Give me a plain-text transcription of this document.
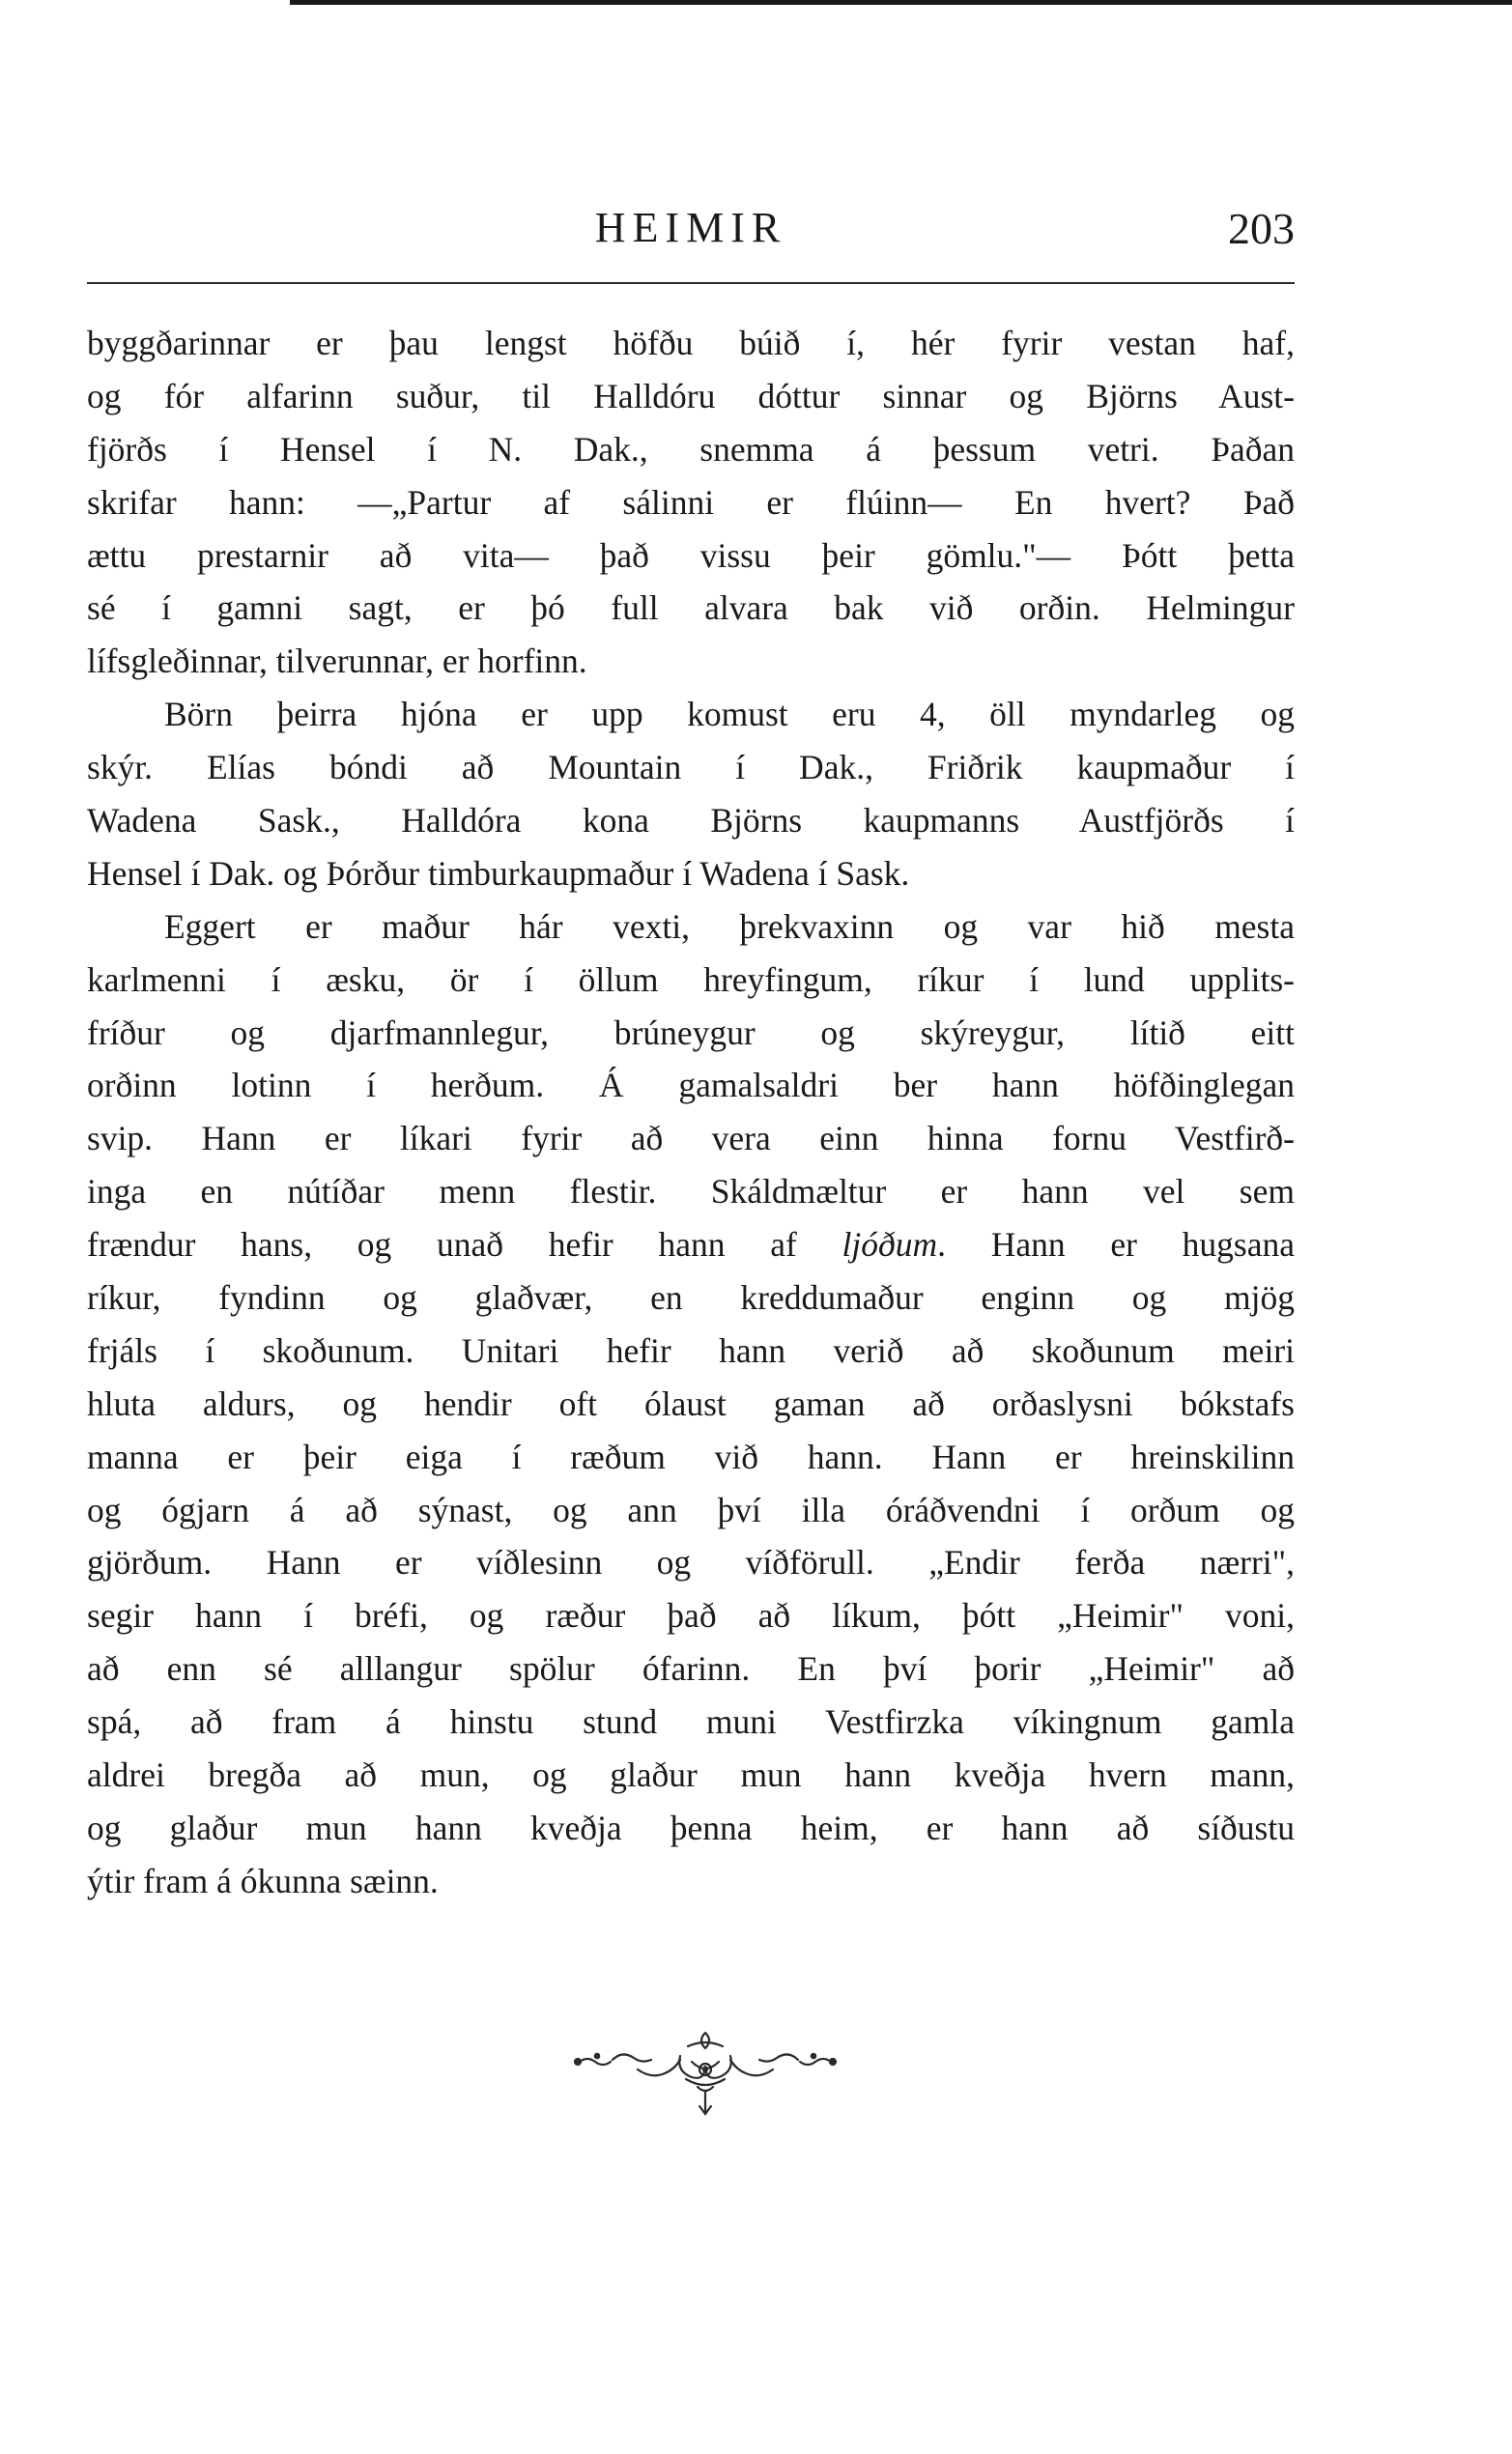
HEIMIR	203
byggðarinnar er þau lengst höfðu búið í, hér fyrir vestan haf,
og fór alfarinn suður, til Halldóru dóttur sinnar og Björns Aust-
fjörðs í Hensel í N. Dak., snemma á þessum vetri. Þaðan
skrifar hann: —„Partur af sálinni er flúinn— En hvert? Það
ættu prestarnir að vita— það vissu þeir gömlu."— Þótt þetta
sé í gamni sagt, er þó full alvara bak við orðin. Helmingur
lífsgleðinnar, tilverunnar, er horfinn.
Börn þeirra hjóna er upp komust eru 4, öll myndarleg og
skýr. Elías bóndi að Mountain í Dak., Friðrik kaupmaður í
Wadena Sask., Halldóra kona Björns kaupmanns Austfjörðs í
Hensel í Dak. og Þórður timburkaupmaður í Wadena í Sask.
Eggert er maður hár vexti, þrekvaxinn og var hið mesta
karlmenni í æsku, ör í öllum hreyfingum, ríkur í lund upplits-
fríður og djarfmannlegur, brúneygur og skýreygur, lítið eitt
orðinn lotinn í herðum. Á gamalsaldri ber hann höfðinglegan
svip. Hann er líkari fyrir að vera einn hinna fornu Vestfirð-
inga en nútíðar menn flestir. Skáldmæltur er hann vel sem
frændur hans, og unað hefir hann af ljóðum. Hann er hugsana
ríkur, fyndinn og glaðvær, en kreddumaður enginn og mjög
frjáls í skoðunum. Unitari hefir hann verið að skoðunum meiri
hluta aldurs, og hendir oft ólaust gaman að orðaslysni bókstafs
manna er þeir eiga í ræðum við hann. Hann er hreinskilinn
og ógjarn á að sýnast, og ann því illa óráðvendni í orðum og
gjörðum. Hann er víðlesinn og víðförull. „Endir ferða nærri",
segir hann í bréfi, og ræður það að líkum, þótt „Heimir" voni,
að enn sé alllangur spölur ófarinn. En því þorir „Heimir" að
spá, að fram á hinstu stund muni Vestfirzka víkingnum gamla
aldrei bregða að mun, og glaður mun hann kveðja hvern mann,
og glaður mun hann kveðja þenna heim, er hann að síðustu
ýtir fram á ókunna sæinn.
